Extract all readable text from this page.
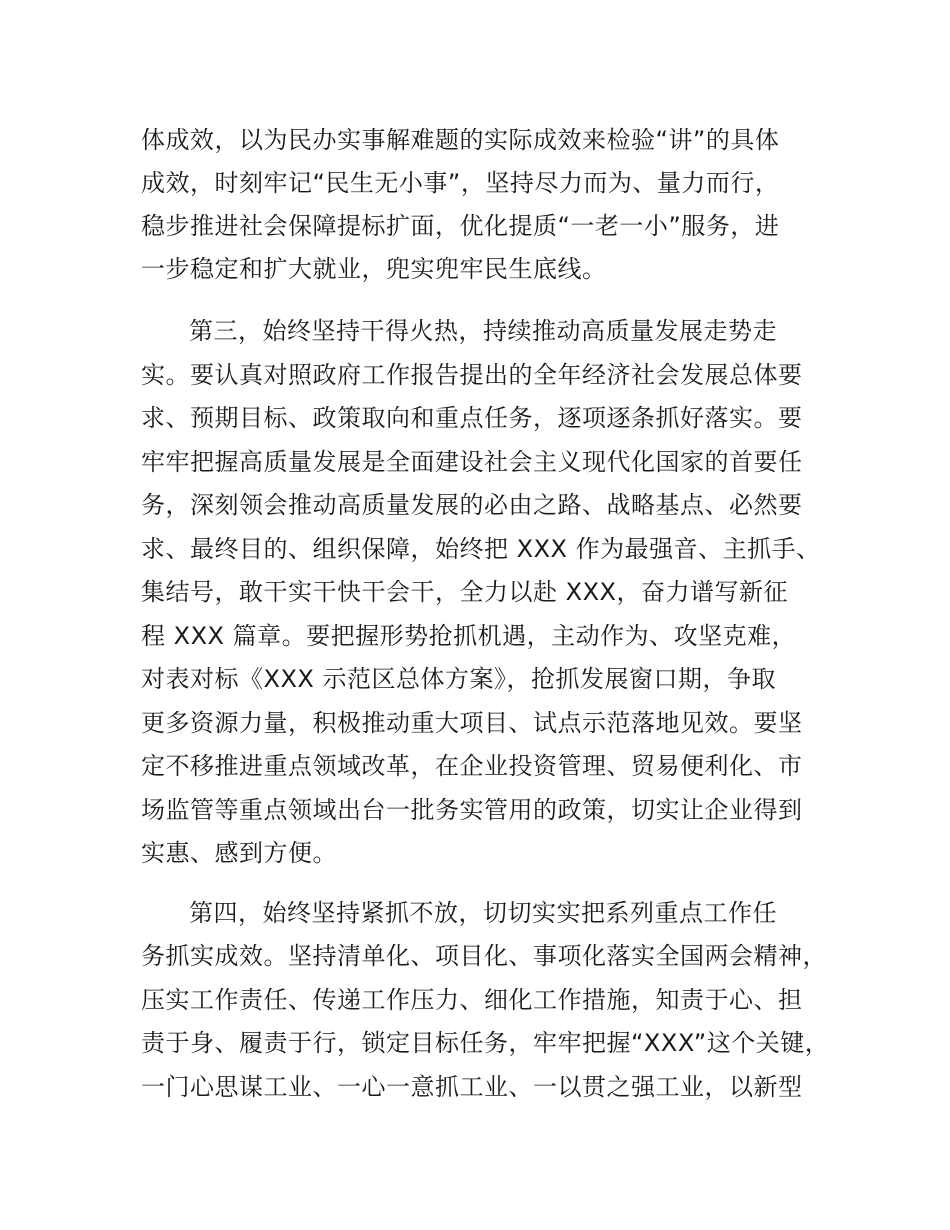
体成效，以为民办实事解难题的实际成效来检验“讲”的具体
成效，时刻牢记“民生无小事”，坚持尽力而为、量力而行，
稳步推进社会保障提标扩面，优化提质“一老一小”服务，进
一步稳定和扩大就业，兜实兜牢民生底线。
第三，始终坚持干得火热，持续推动高质量发展走势走
实。要认真对照政府工作报告提出的全年经济社会发展总体要
求、预期目标、政策取向和重点任务，逐项逐条抓好落实。要
牢牢把握高质量发展是全面建设社会主义现代化国家的首要任
务，深刻领会推动高质量发展的必由之路、战略基点、必然要
求、最终目的、组织保障，始终把 XXX 作为最强音、主抓手、
集结号，敢干实干快干会干，全力以赴 XXX，奋力谱写新征
程 XXX 篇章。要把握形势抢抓机遇，主动作为、攻坚克难，
对表对标《XXX 示范区总体方案》，抢抓发展窗口期，争取
更多资源力量，积极推动重大项目、试点示范落地见效。要坚
定不移推进重点领域改革，在企业投资管理、贸易便利化、市
场监管等重点领域出台一批务实管用的政策，切实让企业得到
实惠、感到方便。
第四，始终坚持紧抓不放，切切实实把系列重点工作任
务抓实成效。坚持清单化、项目化、事项化落实全国两会精神，
压实工作责任、传递工作压力、细化工作措施，知责于心、担
责于身、履责于行，锁定目标任务，牢牢把握“XXX”这个关键，
一门心思谋工业、一心一意抓工业、一以贯之强工业，以新型
